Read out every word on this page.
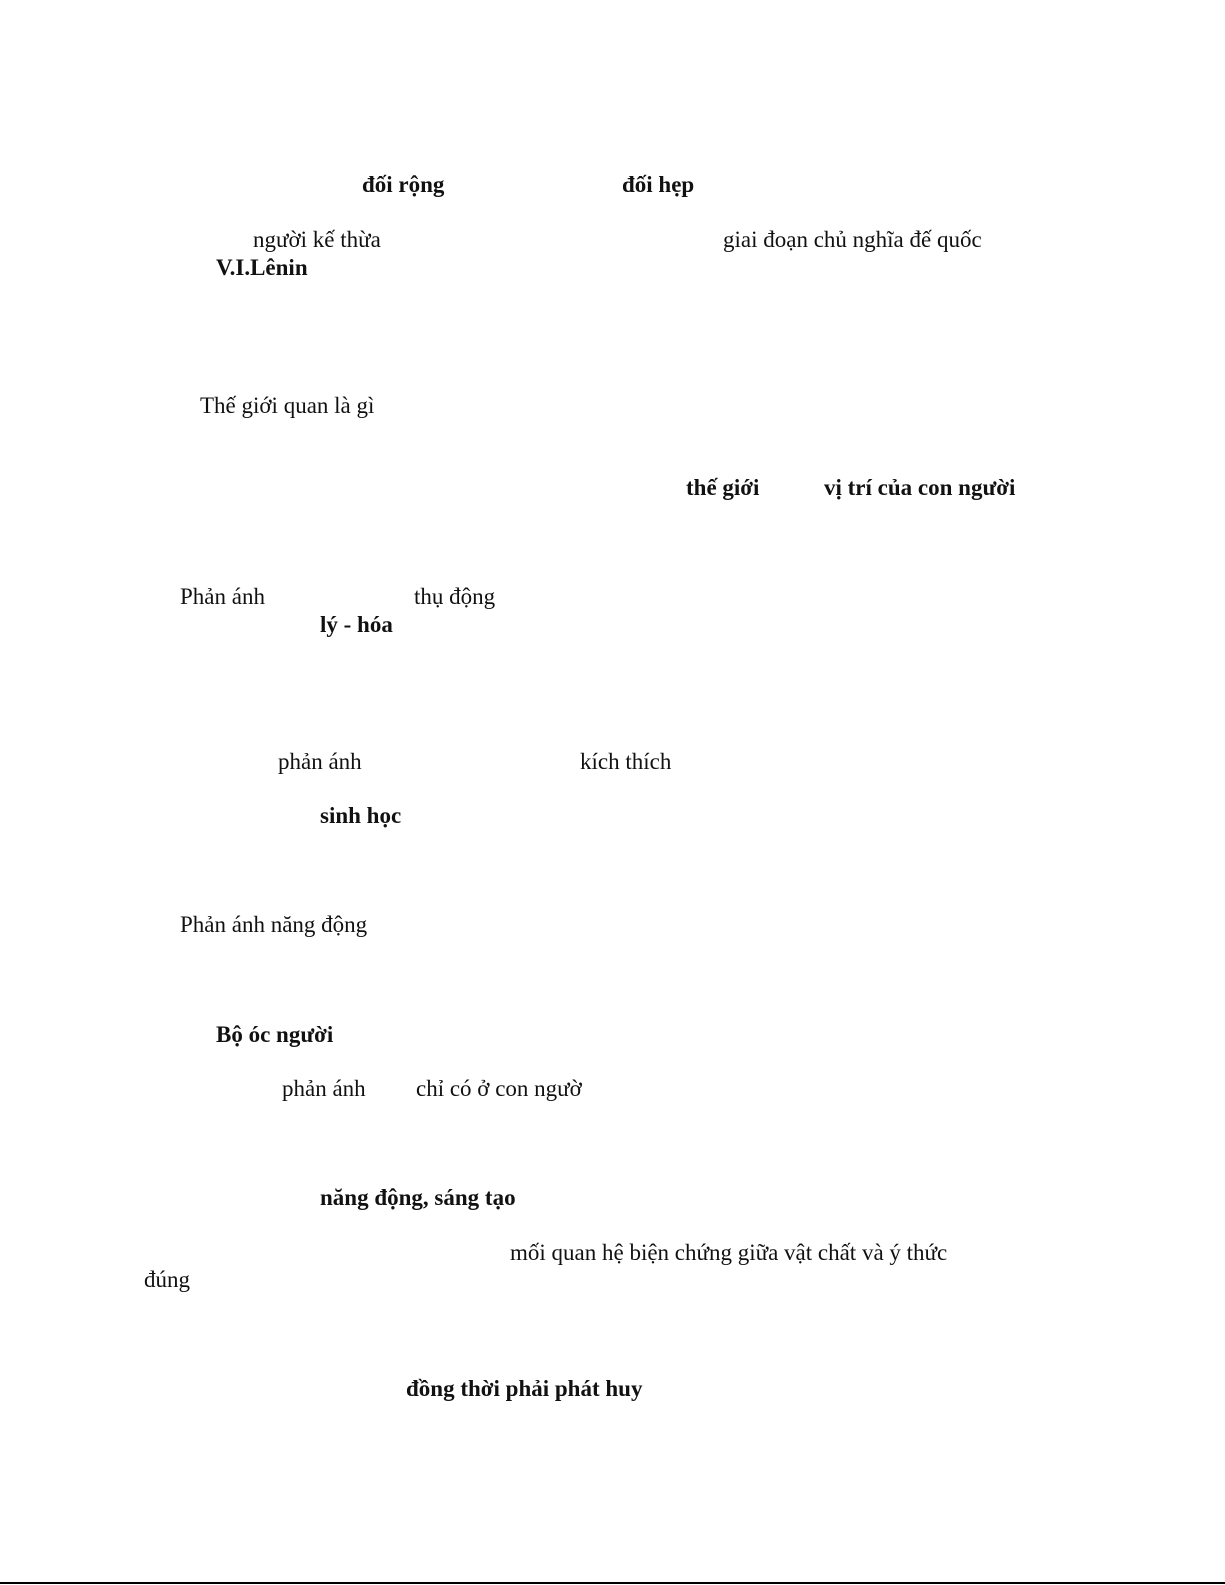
đối rộng	đối hẹp
người kế thừa	giai đoạn chủ nghĩa đế quốc
V.I.Lênin
Thế giới quan là gì
thế giới	vị trí của con người
Phản ánh	thụ động
lý - hóa
phản ánh	kích thích
sinh học
Phản ánh năng động
Bộ óc người
phản ánh chỉ có ở con ngườ
năng động, sáng tạo
mối quan hệ biện chứng giữa vật chất và ý thức
đúng
đồng thời phải phát huy
